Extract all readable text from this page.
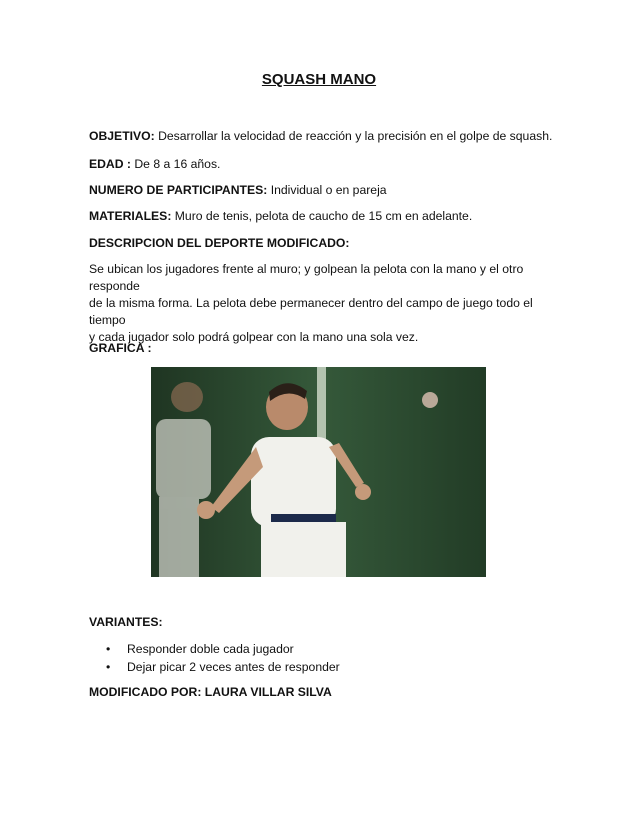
SQUASH MANO
OBJETIVO: Desarrollar la velocidad de reacción y la precisión en el golpe de squash.
EDAD : De 8 a 16 años.
NUMERO DE PARTICIPANTES: Individual o en pareja
MATERIALES: Muro de tenis, pelota de caucho de 15 cm en adelante.
DESCRIPCION DEL DEPORTE MODIFICADO:
Se ubican los jugadores frente al muro; y golpean la pelota con la mano y el otro responde
de la misma forma. La pelota debe permanecer dentro del campo de juego todo el tiempo
y cada jugador solo podrá golpear con la mano una sola vez.
GRAFICA :
VARIANTES:
• Responder doble cada jugador
• Dejar picar 2 veces antes de responder
MODIFICADO POR: LAURA VILLAR SILVA
